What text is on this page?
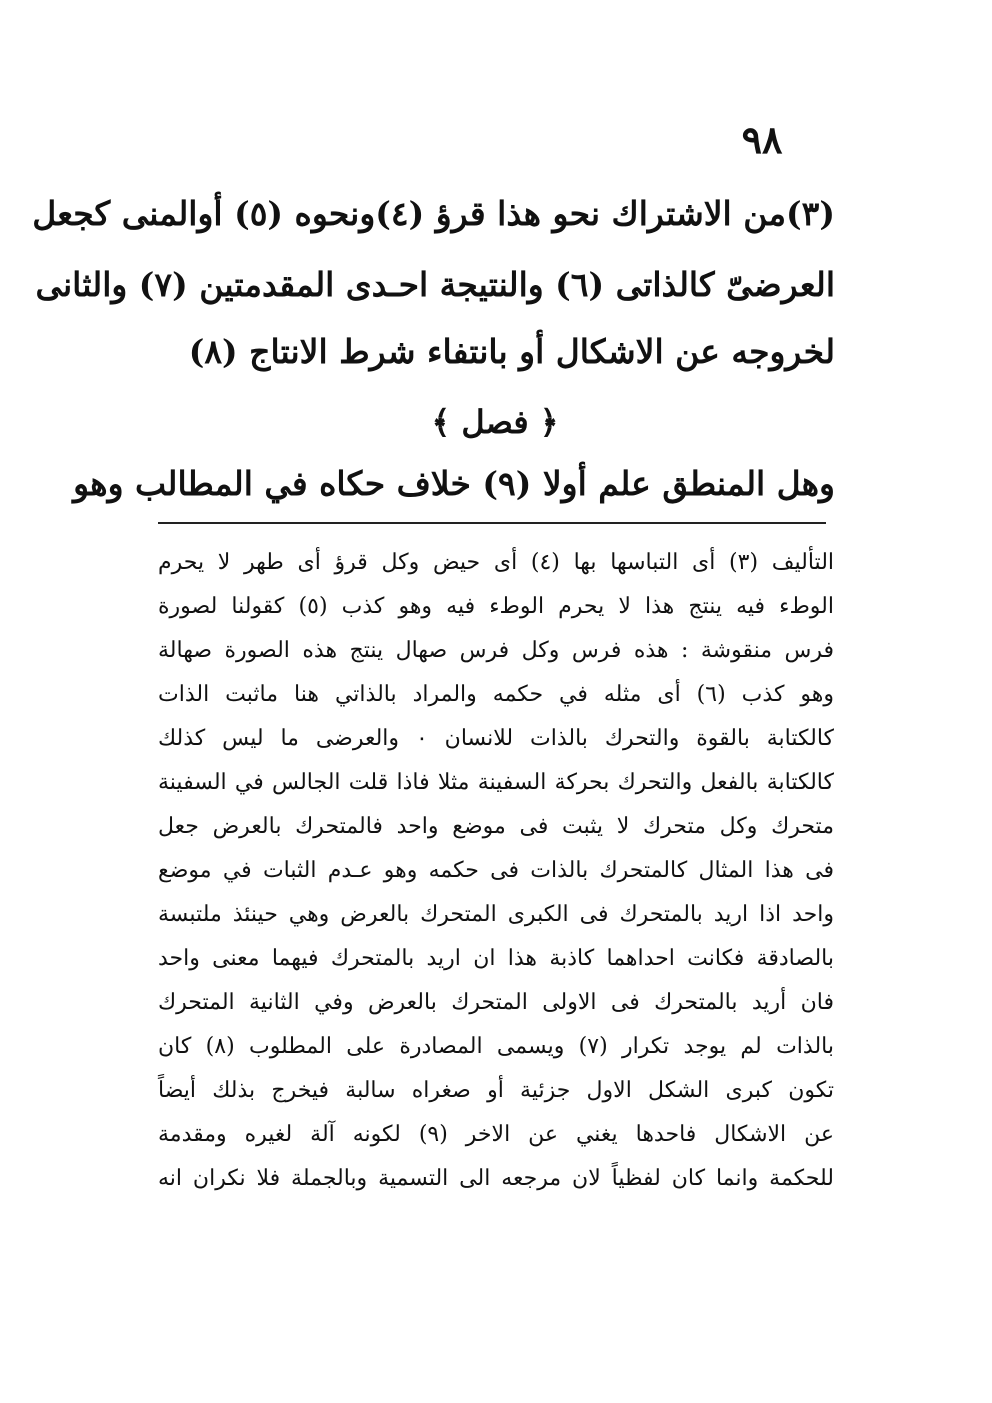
٩٨
(٣)من الاشتراك نحو هذا قرؤ (٤)ونحوه (٥) أوالمنى كجعل
العرضىّ كالذاتى (٦) والنتيجة احـدى المقدمتين (٧) والثانى
لخروجه عن الاشكال أو بانتفاء شرط الانتاج (٨)
﴿ فصل ﴾
وهل المنطق علم أولا (٩) خلاف حكاه في المطالب وهو
التأليف (٣) أى التباسها بها (٤) أى حيض وكل قرؤ أى طهر لا يحرم
الوطء فيه ينتج هذا لا يحرم الوطء فيه وهو كذب (٥) كقولنا لصورة
فرس منقوشة : هذه فرس وكل فرس صهال ينتج هذه الصورة صهالة
وهو كذب (٦) أى مثله في حكمه والمراد بالذاتي هنا ماثبت الذات
كالكتابة بالقوة والتحرك بالذات للانسان ٠ والعرضى ما ليس كذلك
كالكتابة بالفعل والتحرك بحركة السفينة مثلا فاذا قلت الجالس في السفينة
متحرك وكل متحرك لا يثبت فى موضع واحد فالمتحرك بالعرض جعل
فى هذا المثال كالمتحرك بالذات فى حكمه وهو عـدم الثبات في موضع
واحد اذا اريد بالمتحرك فى الكبرى المتحرك بالعرض وهي حينئذ ملتبسة
بالصادقة فكانت احداهما كاذبة هذا ان اريد بالمتحرك فيهما معنى واحد
فان أريد بالمتحرك فى الاولى المتحرك بالعرض وفي الثانية المتحرك
بالذات لم يوجد تكرار (٧) ويسمى المصادرة على المطلوب (٨) كان
تكون كبرى الشكل الاول جزئية أو صغراه سالبة فيخرج بذلك أيضاً
عن الاشكال فاحدها يغني عن الاخر (٩) لكونه آلة لغيره ومقدمة
للحكمة وانما كان لفظياً لان مرجعه الى التسمية وبالجملة فلا نكران انه
